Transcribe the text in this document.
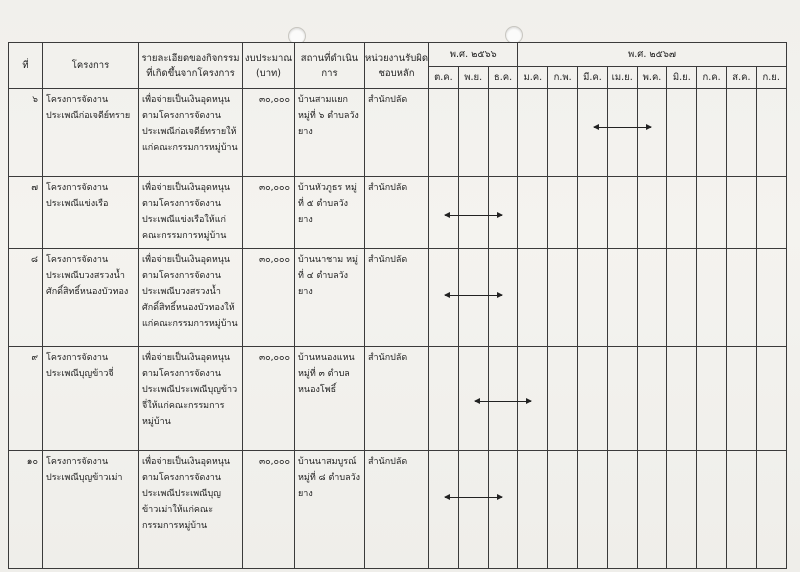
ที่	โครงการ	รายละเอียดของกิจกรรมที่เกิดขึ้นจากโครงการ	งบประมาณ (บาท)	สถานที่ดำเนินการ	หน่วยงานรับผิดชอบหลัก	พ.ศ. ๒๕๖๖			พ.ศ. ๒๕๖๗								
						ต.ค.	พ.ย.	ธ.ค.	ม.ค.	ก.พ.	มี.ค.	เม.ย.	พ.ค.	มิ.ย.	ก.ค.	ส.ค.	ก.ย.

๖	โครงการจัดงานประเพณีก่อเจดีย์ทราย	เพื่อจ่ายเป็นเงินอุดหนุนตามโครงการจัดงานประเพณีก่อเจดีย์ทรายให้แก่คณะกรรมการหมู่บ้าน	๓๐,๐๐๐	บ้านสามแยก หมู่ที่ ๖ ตำบลวังยาง	สำนักปลัด												

๗	โครงการจัดงานประเพณีแข่งเรือ	เพื่อจ่ายเป็นเงินอุดหนุนตามโครงการจัดงานประเพณีแข่งเรือให้แก่คณะกรรมการหมู่บ้าน	๓๐,๐๐๐	บ้านหัวภูธร หมู่ที่ ๕ ตำบลวังยาง	สำนักปลัด												

๘	โครงการจัดงานประเพณีบวงสรวงน้ำศักดิ์สิทธิ์หนองบัวทอง	เพื่อจ่ายเป็นเงินอุดหนุนตามโครงการจัดงานประเพณีบวงสรวงน้ำศักดิ์สิทธิ์หนองบัวทองให้แก่คณะกรรมการหมู่บ้าน	๓๐,๐๐๐	บ้านนาชาม หมู่ที่ ๔ ตำบลวังยาง	สำนักปลัด												

๙	โครงการจัดงานประเพณีบุญข้าวจี่	เพื่อจ่ายเป็นเงินอุดหนุนตามโครงการจัดงานประเพณีประเพณีบุญข้าวจี่ให้แก่คณะกรรมการหมู่บ้าน	๓๐,๐๐๐	บ้านหนองแหน หมู่ที่ ๓ ตำบลหนองโพธิ์	สำนักปลัด												

๑๐	โครงการจัดงานประเพณีบุญข้าวเม่า	เพื่อจ่ายเป็นเงินอุดหนุนตามโครงการจัดงานประเพณีประเพณีบุญข้าวเม่าให้แก่คณะกรรมการหมู่บ้าน	๓๐,๐๐๐	บ้านนาสมบูรณ์ หมู่ที่ ๘ ตำบลวังยาง	สำนักปลัด												
